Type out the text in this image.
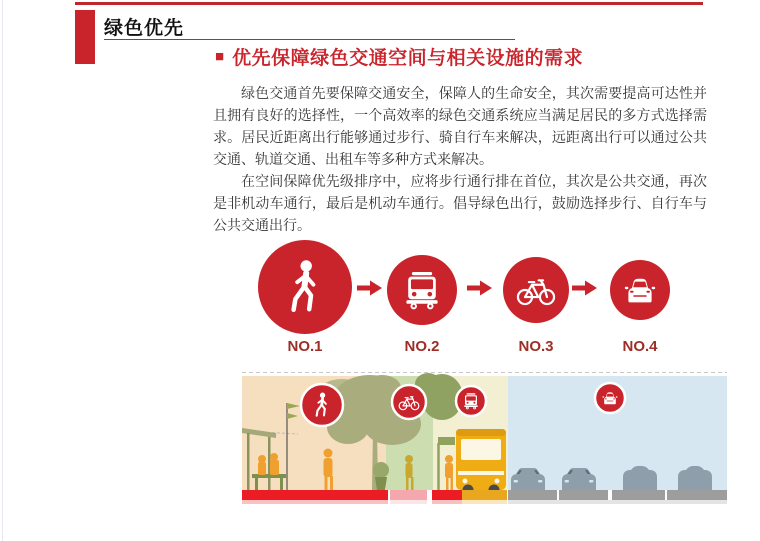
绿色优先
■ 优先保障绿色交通空间与相关设施的需求

绿色交通首先要保障交通安全，保障人的生命安全，其次需要提高可达性并且拥有良好的选择性，一个高效率的绿色交通系统应当满足居民的多方式选择需求。居民近距离出行能够通过步行、骑自行车来解决，远距离出行可以通过公共交通、轨道交通、出租车等多种方式来解决。

在空间保障优先级排序中，应将步行通行排在首位，其次是公共交通，再次是非机动车通行，最后是机动车通行。倡导绿色出行，鼓励选择步行、自行车与公共交通出行。

NO.1	NO.2	NO.3	NO.4
